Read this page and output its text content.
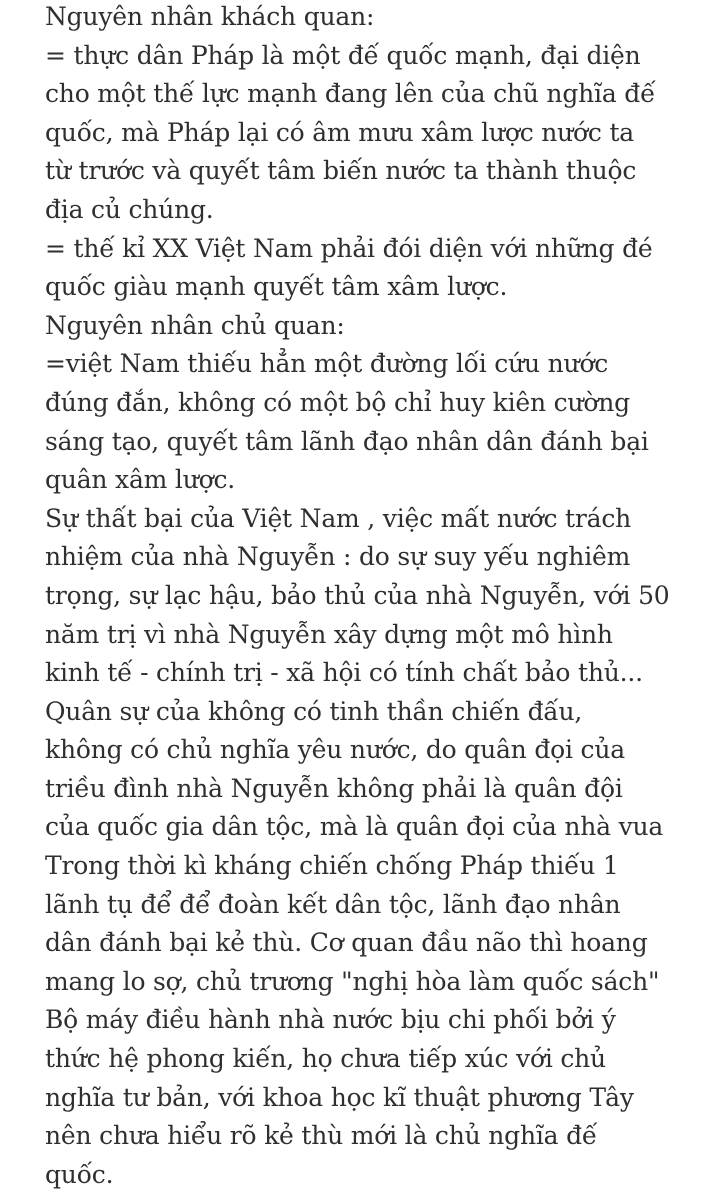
Nguyên nhân khách quan:
= thực dân Pháp là một đế quốc mạnh, đại diện
cho một thế lực mạnh đang lên của chũ nghĩa đế
quốc, mà Pháp lại có âm mưu xâm lược nước ta
từ trước và quyết tâm biến nước ta thành thuộc
địa củ chúng.
= thế kỉ XX Việt Nam phải đói diện với những đé
quốc giàu mạnh quyết tâm xâm lược.
Nguyên nhân chủ quan:
=việt Nam thiếu hẳn một đường lối cứu nước
đúng đắn, không có một bộ chỉ huy kiên cường
sáng tạo, quyết tâm lãnh đạo nhân dân đánh bại
quân xâm lược.
Sự thất bại của Việt Nam , việc mất nước trách
nhiệm của nhà Nguyễn : do sự suy yếu nghiêm
trọng, sự lạc hậu, bảo thủ của nhà Nguyễn, với 50
năm trị vì nhà Nguyễn xây dựng một mô hình
kinh tế - chính trị - xã hội có tính chất bảo thủ...
Quân sự của không có tinh thần chiến đấu,
không có chủ nghĩa yêu nước, do quân đọi của
triều đình nhà Nguyễn không phải là quân đội
của quốc gia dân tộc, mà là quân đọi của nhà vua
Trong thời kì kháng chiến chống Pháp thiếu 1
lãnh tụ để để đoàn kết dân tộc, lãnh đạo nhân
dân đánh bại kẻ thù. Cơ quan đầu não thì hoang
mang lo sợ, chủ trương "nghị hòa làm quốc sách"
Bộ máy điều hành nhà nước bịu chi phối bởi ý
thức hệ phong kiến, họ chưa tiếp xúc với chủ
nghĩa tư bản, với khoa học kĩ thuật phương Tây
nên chưa hiểu rõ kẻ thù mới là chủ nghĩa đế
quốc.
